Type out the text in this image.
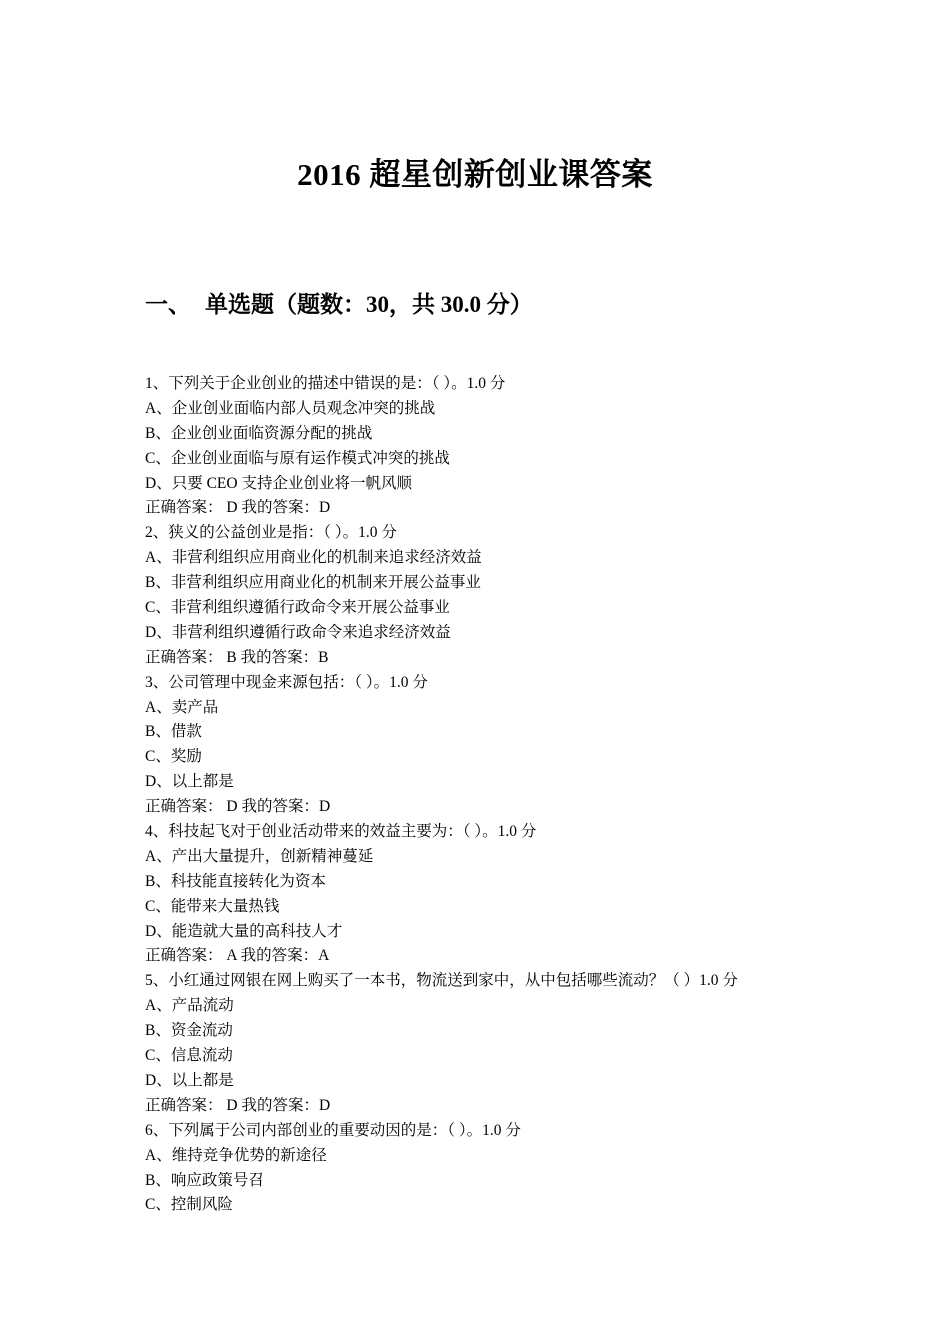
2016 超星创新创业课答案
一、 单选题（题数：30，共 30.0 分）
1、下列关于企业创业的描述中错误的是：（ ）。1.0 分
A、企业创业面临内部人员观念冲突的挑战
B、企业创业面临资源分配的挑战
C、企业创业面临与原有运作模式冲突的挑战
D、只要 CEO 支持企业创业将一帆风顺
正确答案： D 我的答案：D
2、狭义的公益创业是指：（ ）。1.0 分
A、非营利组织应用商业化的机制来追求经济效益
B、非营利组织应用商业化的机制来开展公益事业
C、非营利组织遵循行政命令来开展公益事业
D、非营利组织遵循行政命令来追求经济效益
正确答案： B 我的答案：B
3、公司管理中现金来源包括：（ ）。1.0 分
A、卖产品
B、借款
C、奖励
D、以上都是
正确答案： D 我的答案：D
4、科技起飞对于创业活动带来的效益主要为：（ ）。1.0 分
A、产出大量提升，创新精神蔓延
B、科技能直接转化为资本
C、能带来大量热钱
D、能造就大量的高科技人才
正确答案： A 我的答案：A
5、小红通过网银在网上购买了一本书，物流送到家中，从中包括哪些流动？（ ）1.0 分
A、产品流动
B、资金流动
C、信息流动
D、以上都是
正确答案： D 我的答案：D
6、下列属于公司内部创业的重要动因的是：（ ）。1.0 分
A、维持竞争优势的新途径
B、响应政策号召
C、控制风险
